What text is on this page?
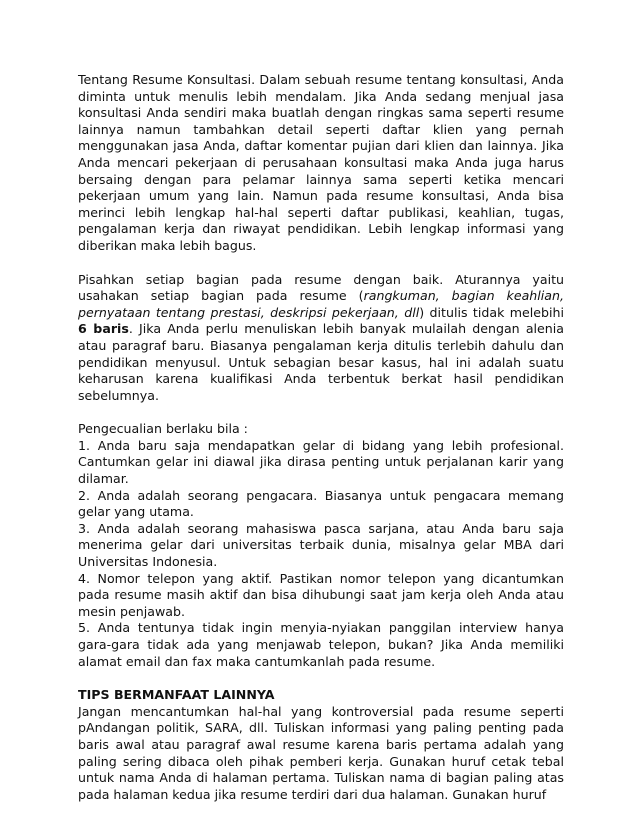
Tentang Resume Konsultasi. Dalam sebuah resume tentang konsultasi, Anda diminta untuk menulis lebih mendalam. Jika Anda sedang menjual jasa konsultasi Anda sendiri maka buatlah dengan ringkas sama seperti resume lainnya namun tambahkan detail seperti daftar klien yang pernah menggunakan jasa Anda, daftar komentar pujian dari klien dan lainnya. Jika Anda mencari pekerjaan di perusahaan konsultasi maka Anda juga harus bersaing dengan para pelamar lainnya sama seperti ketika mencari pekerjaan umum yang lain. Namun pada resume konsultasi, Anda bisa merinci lebih lengkap hal-hal seperti daftar publikasi, keahlian, tugas, pengalaman kerja dan riwayat pendidikan. Lebih lengkap informasi yang diberikan maka lebih bagus.

Pisahkan setiap bagian pada resume dengan baik. Aturannya yaitu usahakan setiap bagian pada resume (rangkuman, bagian keahlian, pernyataan tentang prestasi, deskripsi pekerjaan, dll) ditulis tidak melebihi 6 baris. Jika Anda perlu menuliskan lebih banyak mulailah dengan alenia atau paragraf baru. Biasanya pengalaman kerja ditulis terlebih dahulu dan pendidikan menyusul. Untuk sebagian besar kasus, hal ini adalah suatu keharusan karena kualifikasi Anda terbentuk berkat hasil pendidikan sebelumnya.

Pengecualian berlaku bila :

1. Anda baru saja mendapatkan gelar di bidang yang lebih profesional. Cantumkan gelar ini diawal jika dirasa penting untuk perjalanan karir yang dilamar.

2. Anda adalah seorang pengacara. Biasanya untuk pengacara memang gelar yang utama.

3. Anda adalah seorang mahasiswa pasca sarjana, atau Anda baru saja menerima gelar dari universitas terbaik dunia, misalnya gelar MBA dari Universitas Indonesia.

4. Nomor telepon yang aktif. Pastikan nomor telepon yang dicantumkan pada resume masih aktif dan bisa dihubungi saat jam kerja oleh Anda atau mesin penjawab.

5. Anda tentunya tidak ingin menyia-nyiakan panggilan interview hanya gara-gara tidak ada yang menjawab telepon, bukan? Jika Anda memiliki alamat email dan fax maka cantumkanlah pada resume.

TIPS BERMANFAAT LAINNYA

Jangan mencantumkan hal-hal yang kontroversial pada resume seperti pAndangan politik, SARA, dll. Tuliskan informasi yang paling penting pada baris awal atau paragraf awal resume karena baris pertama adalah yang paling sering dibaca oleh pihak pemberi kerja. Gunakan huruf cetak tebal untuk nama Anda di halaman pertama. Tuliskan nama di bagian paling atas pada halaman kedua jika resume terdiri dari dua halaman. Gunakan huruf
